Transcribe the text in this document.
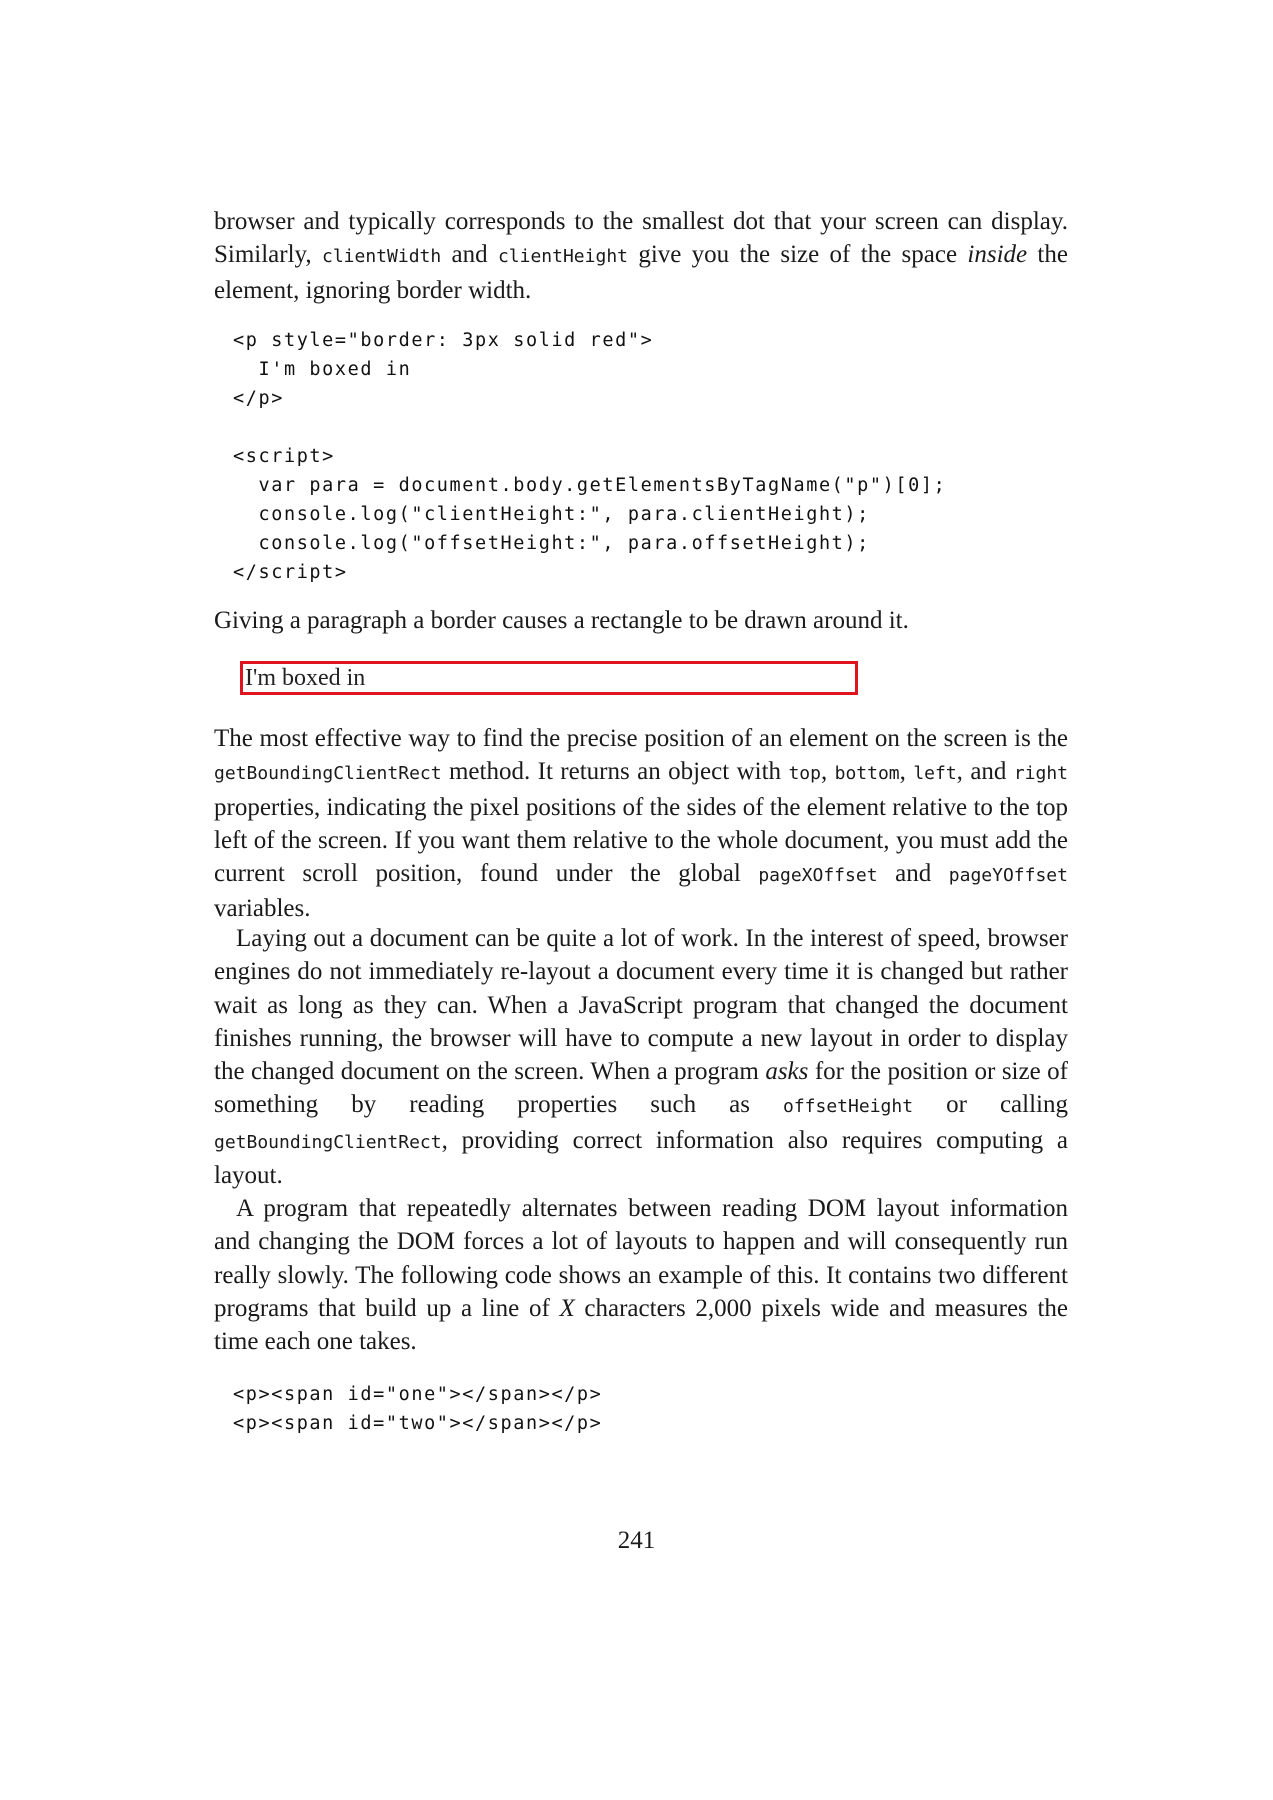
browser and typically corresponds to the smallest dot that your screen can display. Similarly, clientWidth and clientHeight give you the size of the space inside the element, ignoring border width.

<p style="border: 3px solid red">
I'm boxed in
</p>

<script>
var para = document.body.getElementsByTagName("p")[0];
console.log("clientHeight:", para.clientHeight);
console.log("offsetHeight:", para.offsetHeight);
</script>

Giving a paragraph a border causes a rectangle to be drawn around it.

I'm boxed in

The most effective way to find the precise position of an element on the screen is the getBoundingClientRect method. It returns an object with top, bottom, left, and right properties, indicating the pixel positions of the sides of the element relative to the top left of the screen. If you want them relative to the whole document, you must add the current scroll position, found under the global pageXOffset and pageYOffset variables.

Laying out a document can be quite a lot of work. In the interest of speed, browser engines do not immediately re-layout a document every time it is changed but rather wait as long as they can. When a JavaScript program that changed the document finishes running, the browser will have to compute a new layout in order to display the changed document on the screen. When a program asks for the position or size of something by reading properties such as offsetHeight or calling getBoundingClientRect, providing correct information also requires computing a layout.

A program that repeatedly alternates between reading DOM layout information and changing the DOM forces a lot of layouts to happen and will consequently run really slowly. The following code shows an example of this. It contains two different programs that build up a line of X characters 2,000 pixels wide and measures the time each one takes.

<p><span id="one"></span></p>
<p><span id="two"></span></p>
241
